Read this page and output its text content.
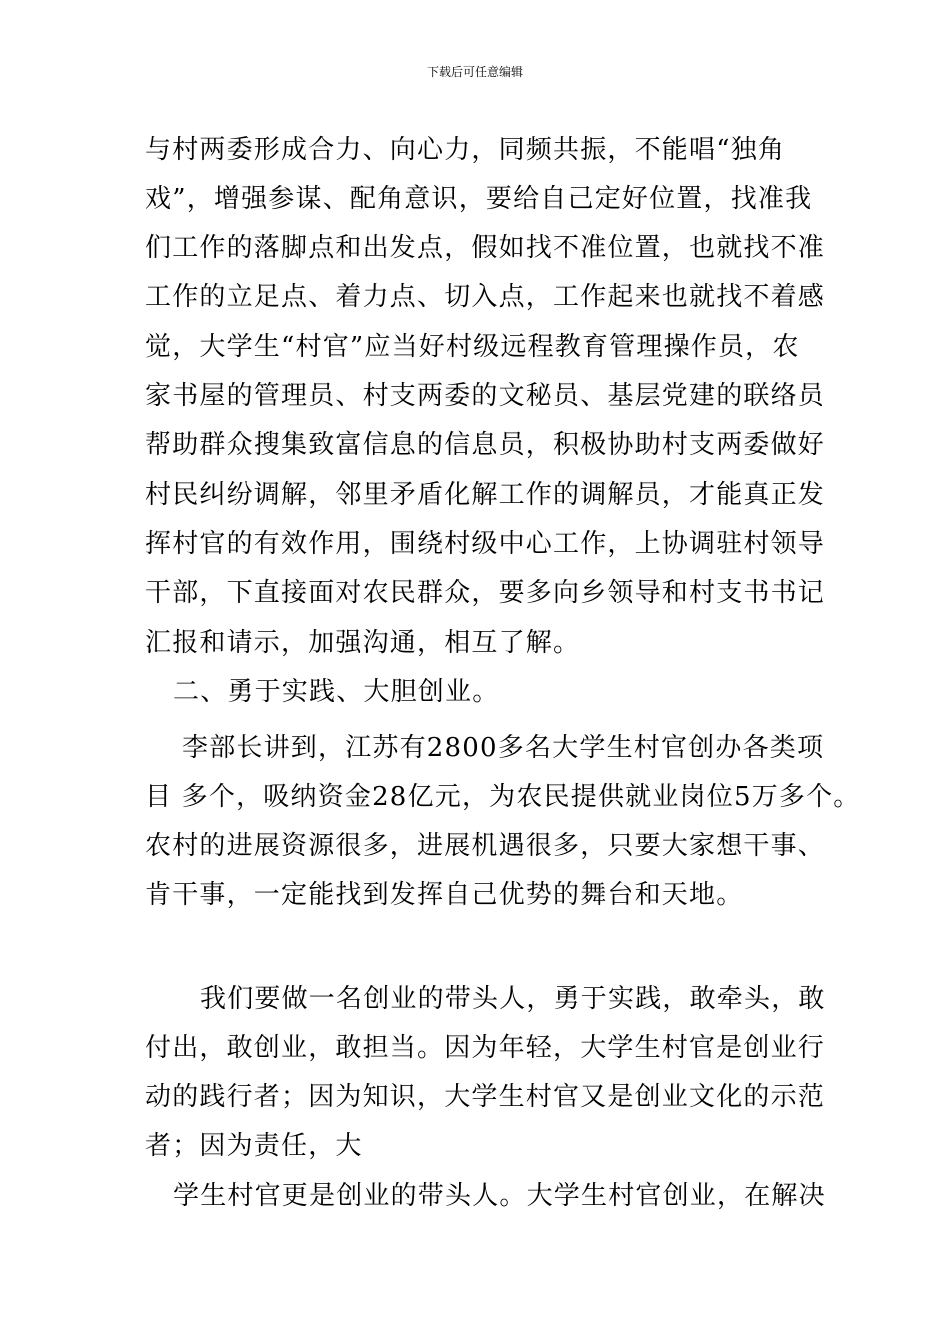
下载后可任意编辑
与村两委形成合力、向心力，同频共振，不能唱“独角
戏”，增强参谋、配角意识，要给自己定好位置，找准我
们工作的落脚点和出发点，假如找不准位置，也就找不准
工作的立足点、着力点、切入点，工作起来也就找不着感
觉，大学生“村官”应当好村级远程教育管理操作员，农
家书屋的管理员、村支两委的文秘员、基层党建的联络员
帮助群众搜集致富信息的信息员，积极协助村支两委做好
村民纠纷调解，邻里矛盾化解工作的调解员，才能真正发
挥村官的有效作用，围绕村级中心工作，上协调驻村领导
干部，下直接面对农民群众，要多向乡领导和村支书书记
汇报和请示，加强沟通，相互了解。
二、勇于实践、大胆创业。
李部长讲到，江苏有2800多名大学生村官创办各类项
目 多个，吸纳资金28亿元，为农民提供就业岗位5万多个。
农村的进展资源很多，进展机遇很多，只要大家想干事、
肯干事，一定能找到发挥自己优势的舞台和天地。
我们要做一名创业的带头人，勇于实践，敢牵头，敢
付出，敢创业，敢担当。因为年轻，大学生村官是创业行
动的践行者；因为知识，大学生村官又是创业文化的示范
者；因为责任，大
学生村官更是创业的带头人。大学生村官创业，在解决
